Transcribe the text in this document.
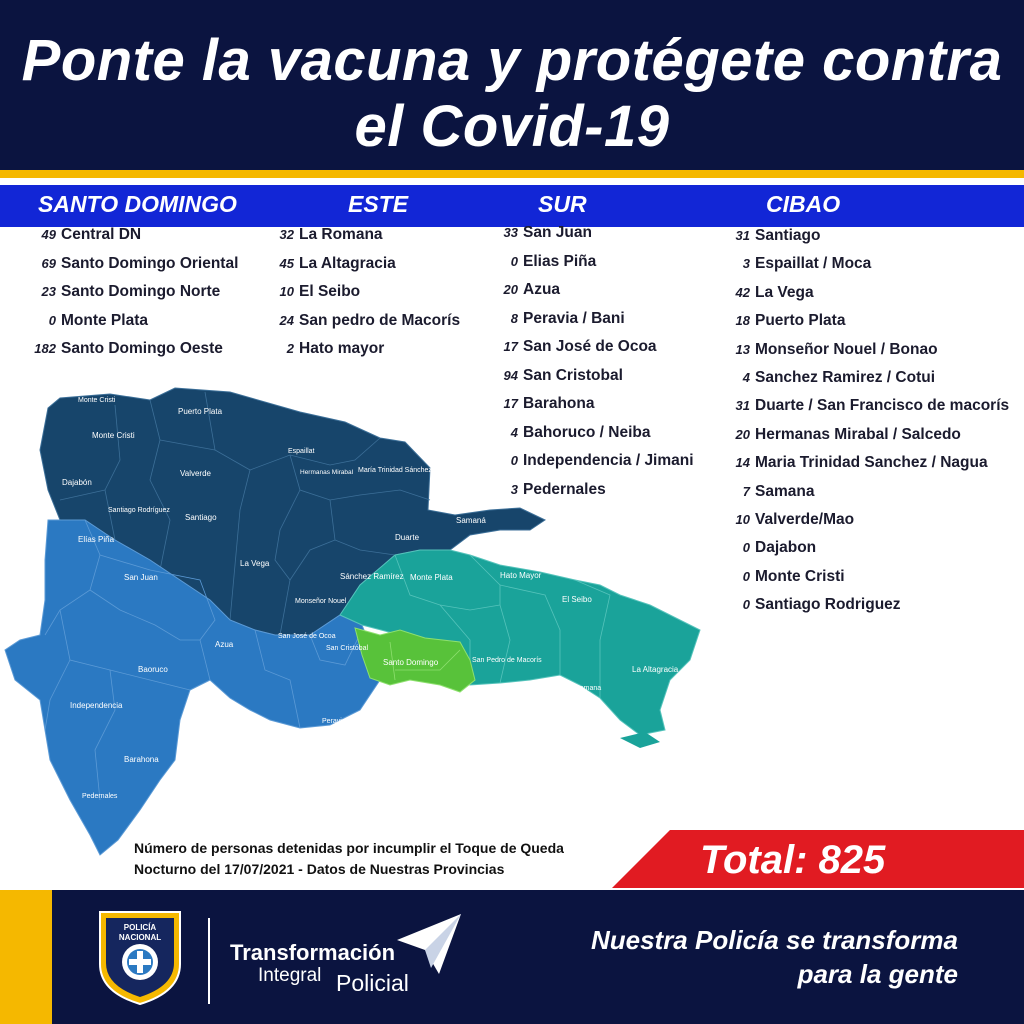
Ponte la vacuna y protégete contra
el Covid-19
SANTO DOMINGO	ESTE	SUR	CIBAO
49 Central DN
69 Santo Domingo Oriental
23 Santo Domingo Norte
0 Monte Plata
182 Santo Domingo Oeste
32 La Romana
45 La Altagracia
10 El Seibo
24 San pedro de Macorís
2 Hato mayor
33 San Juan
0 Elias Piña
20 Azua
8 Peravia / Bani
17 San José de Ocoa
94 San Cristobal
17 Barahona
4 Bahoruco / Neiba
0 Independencia / Jimani
3 Pedernales
31 Santiago
3 Espaillat / Moca
42 La Vega
18 Puerto Plata
13 Monseñor Nouel / Bonao
4 Sanchez Ramirez / Cotui
31 Duarte / San Francisco de macorís
20 Hermanas Mirabal / Salcedo
14 Maria Trinidad Sanchez / Nagua
7 Samana
10 Valverde/Mao
0 Dajabon
0 Monte Cristi
0 Santiago Rodriguez
Monte Cristi
Puerto Plata
Monte Cristi
Dajabón
Santiago Rodríguez
Valverde
Santiago
Espaillat
Hermanas Mirabal María Trinidad Sánchez
La Vega
Duarte
Samaná
Sánchez Ramírez
Monseñor Nouel
Elías Piña
San Juan
Azua
Baoruco
Independencia
Barahona
Pedernales
San José de Ocoa
San Cristóbal
Peravia
Monte Plata	Hato Mayor
El Seibo
La Altagracia
Santo Domingo	San Pedro de Macorís
La Romana
Número de personas detenidas por incumplir el Toque de Queda
Nocturno del 17/07/2021 - Datos de Nuestras Provincias	Total: 825
POLICÍA
NACIONAL
Transformación
Integral Policial
Nuestra Policía se transforma
para la gente
